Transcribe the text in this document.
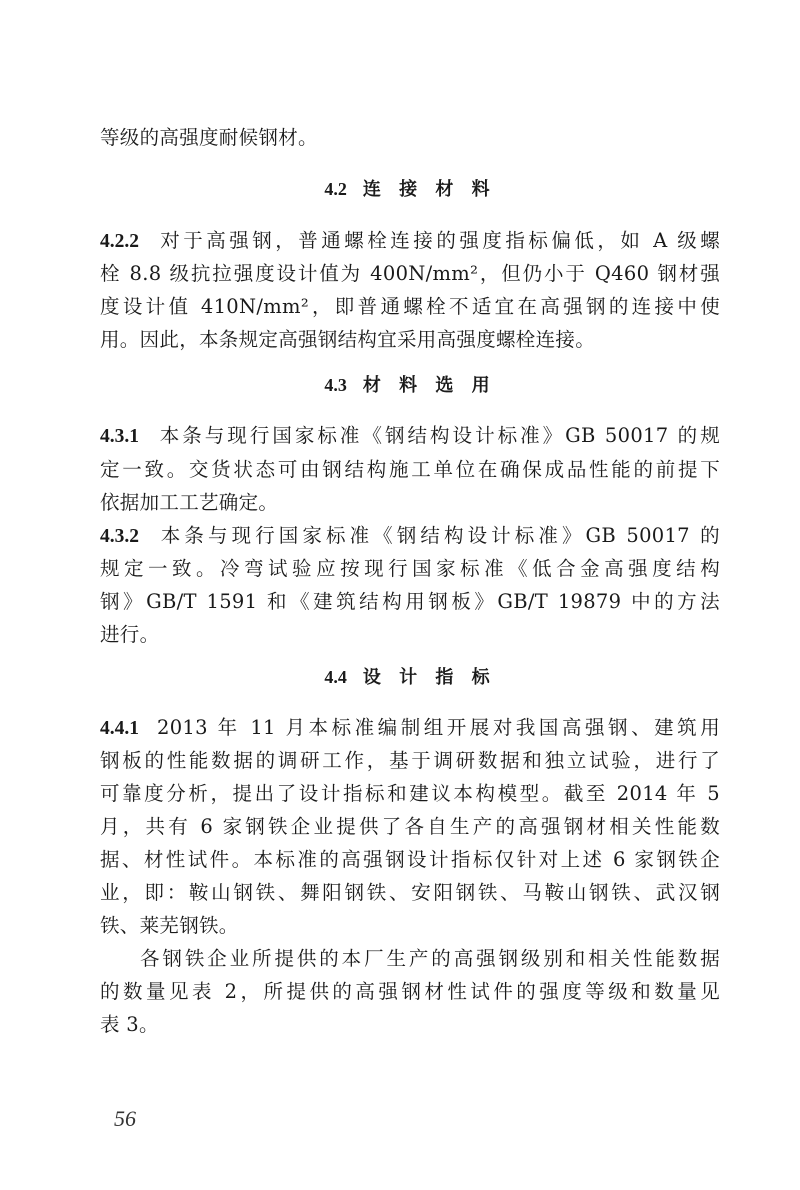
等级的高强度耐候钢材。
4.2 连 接 材 料
4.2.2 对于高强钢，普通螺栓连接的强度指标偏低，如 A 级螺
栓 8.8 级抗拉强度设计值为 400N/mm²，但仍小于 Q460 钢材强
度设计值 410N/mm²，即普通螺栓不适宜在高强钢的连接中使
用。因此，本条规定高强钢结构宜采用高强度螺栓连接。
4.3 材 料 选 用
4.3.1 本条与现行国家标准《钢结构设计标准》GB 50017 的规
定一致。交货状态可由钢结构施工单位在确保成品性能的前提下
依据加工工艺确定。
4.3.2 本条与现行国家标准《钢结构设计标准》GB 50017 的
规定一致。冷弯试验应按现行国家标准《低合金高强度结构
钢》GB/T 1591 和《建筑结构用钢板》GB/T 19879 中的方法
进行。
4.4 设 计 指 标
4.4.1 2013 年 11 月本标准编制组开展对我国高强钢、建筑用
钢板的性能数据的调研工作，基于调研数据和独立试验，进行了
可靠度分析，提出了设计指标和建议本构模型。截至 2014 年 5
月，共有 6 家钢铁企业提供了各自生产的高强钢材相关性能数
据、材性试件。本标准的高强钢设计指标仅针对上述 6 家钢铁企
业，即：鞍山钢铁、舞阳钢铁、安阳钢铁、马鞍山钢铁、武汉钢
铁、莱芜钢铁。
各钢铁企业所提供的本厂生产的高强钢级别和相关性能数据
的数量见表 2，所提供的高强钢材性试件的强度等级和数量见
表 3。
56
